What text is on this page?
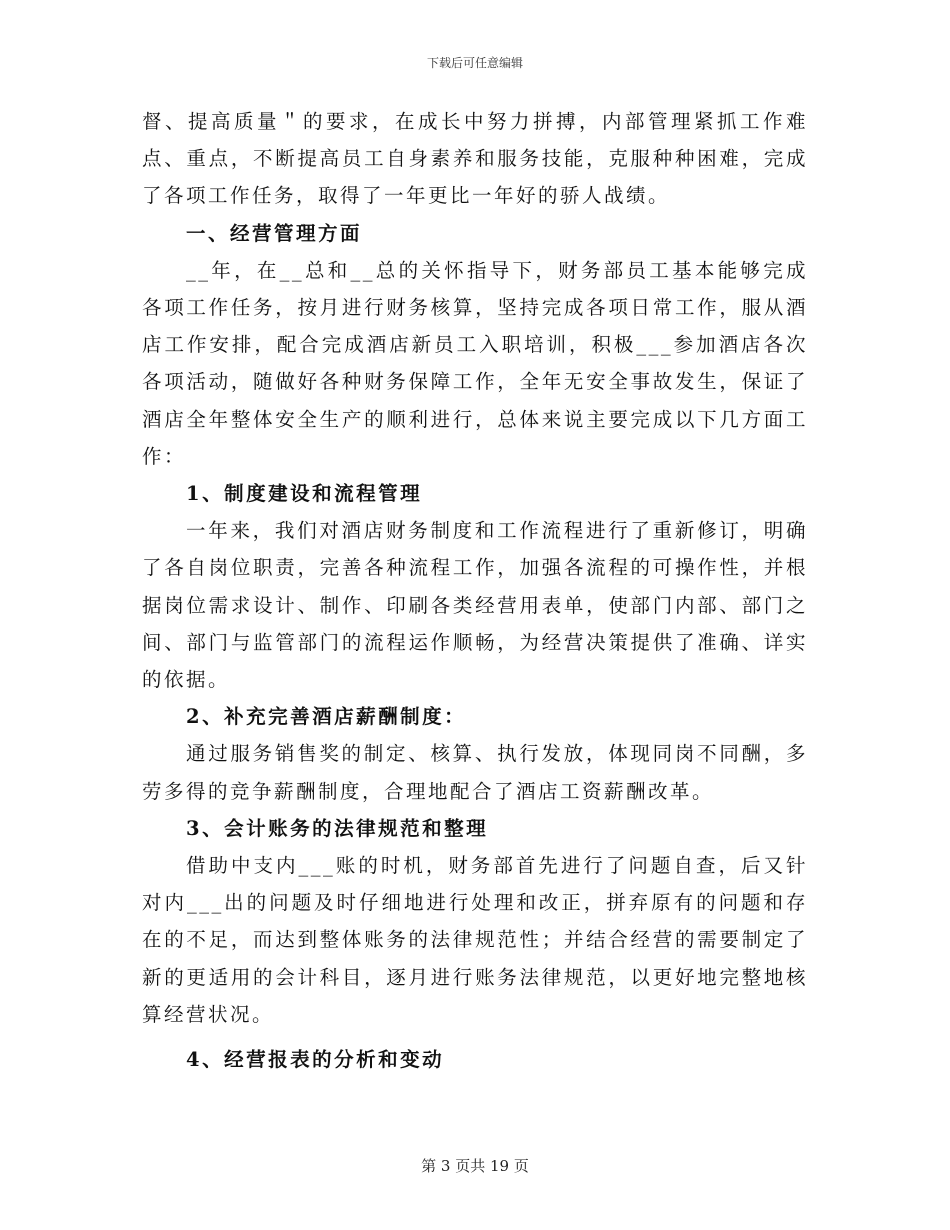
下载后可任意编辑

督、提高质量＂的要求，在成长中努力拼搏，内部管理紧抓工作难点、重点，不断提高员工自身素养和服务技能，克服种种困难，完成了各项工作任务，取得了一年更比一年好的骄人战绩。

一、经营管理方面

__年，在__总和__总的关怀指导下，财务部员工基本能够完成各项工作任务，按月进行财务核算，坚持完成各项日常工作，服从酒店工作安排，配合完成酒店新员工入职培训，积极___参加酒店各次各项活动，随做好各种财务保障工作，全年无安全事故发生，保证了酒店全年整体安全生产的顺利进行，总体来说主要完成以下几方面工作：

1、制度建设和流程管理

一年来，我们对酒店财务制度和工作流程进行了重新修订，明确了各自岗位职责，完善各种流程工作，加强各流程的可操作性，并根据岗位需求设计、制作、印刷各类经营用表单，使部门内部、部门之间、部门与监管部门的流程运作顺畅，为经营决策提供了准确、详实的依据。

2、补充完善酒店薪酬制度：

通过服务销售奖的制定、核算、执行发放，体现同岗不同酬，多劳多得的竞争薪酬制度，合理地配合了酒店工资薪酬改革。

3、会计账务的法律规范和整理

借助中支内___账的时机，财务部首先进行了问题自查，后又针对内___出的问题及时仔细地进行处理和改正，拼弃原有的问题和存在的不足，而达到整体账务的法律规范性；并结合经营的需要制定了新的更适用的会计科目，逐月进行账务法律规范，以更好地完整地核算经营状况。

4、经营报表的分析和变动

第 3 页共 19 页
